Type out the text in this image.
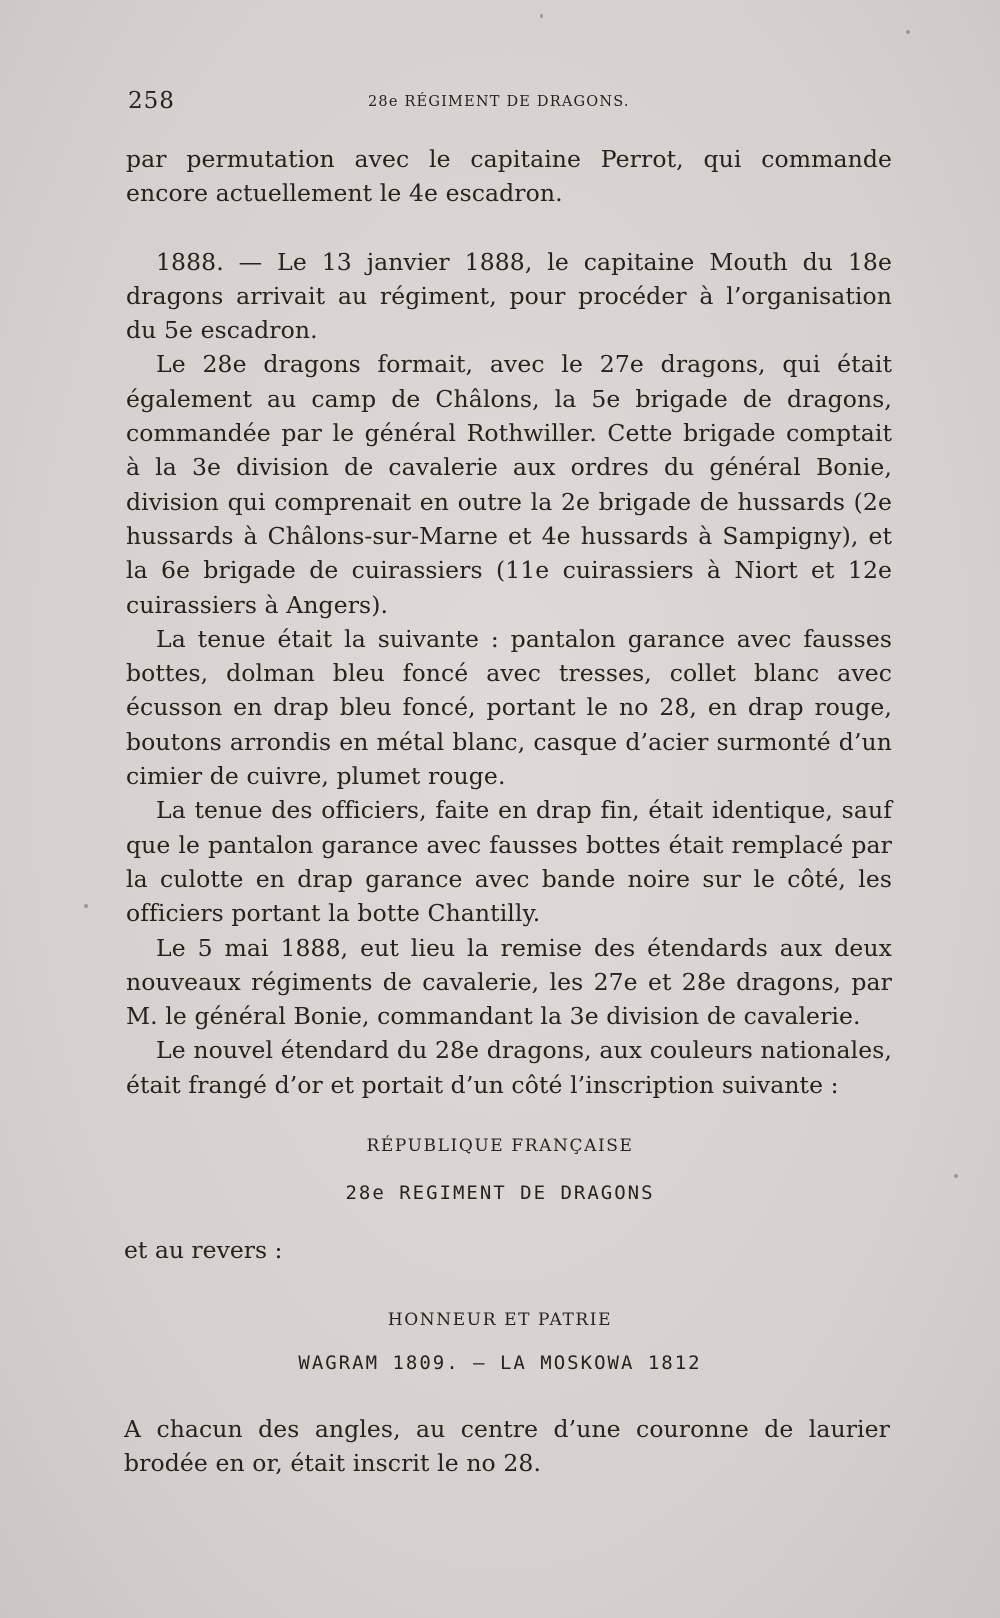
258	28e RÉGIMENT DE DRAGONS.

par permutation avec le capitaine Perrot, qui commande encore actuellement le 4e escadron.

1888. — Le 13 janvier 1888, le capitaine Mouth du 18e dragons arrivait au régiment, pour procéder à l’organisation du 5e escadron.

Le 28e dragons formait, avec le 27e dragons, qui était également au camp de Châlons, la 5e brigade de dragons, commandée par le général Rothwiller. Cette brigade comptait à la 3e division de cavalerie aux ordres du général Bonie, division qui comprenait en outre la 2e brigade de hussards (2e hussards à Châlons-sur-Marne et 4e hussards à Sampigny), et la 6e brigade de cuirassiers (11e cuirassiers à Niort et 12e cuirassiers à Angers).

La tenue était la suivante : pantalon garance avec fausses bottes, dolman bleu foncé avec tresses, collet blanc avec écusson en drap bleu foncé, portant le no 28, en drap rouge, boutons arrondis en métal blanc, casque d’acier surmonté d’un cimier de cuivre, plumet rouge.

La tenue des officiers, faite en drap fin, était identique, sauf que le pantalon garance avec fausses bottes était remplacé par la culotte en drap garance avec bande noire sur le côté, les officiers portant la botte Chantilly.

Le 5 mai 1888, eut lieu la remise des étendards aux deux nouveaux régiments de cavalerie, les 27e et 28e dragons, par M. le général Bonie, commandant la 3e division de cavalerie.

Le nouvel étendard du 28e dragons, aux couleurs nationales, était frangé d’or et portait d’un côté l’inscription suivante :

RÉPUBLIQUE FRANÇAISE
28e REGIMENT DE DRAGONS
et au revers :
HONNEUR ET PATRIE
WAGRAM 1809. — LA MOSKOWA 1812

A chacun des angles, au centre d’une couronne de laurier brodée en or, était inscrit le no 28.
